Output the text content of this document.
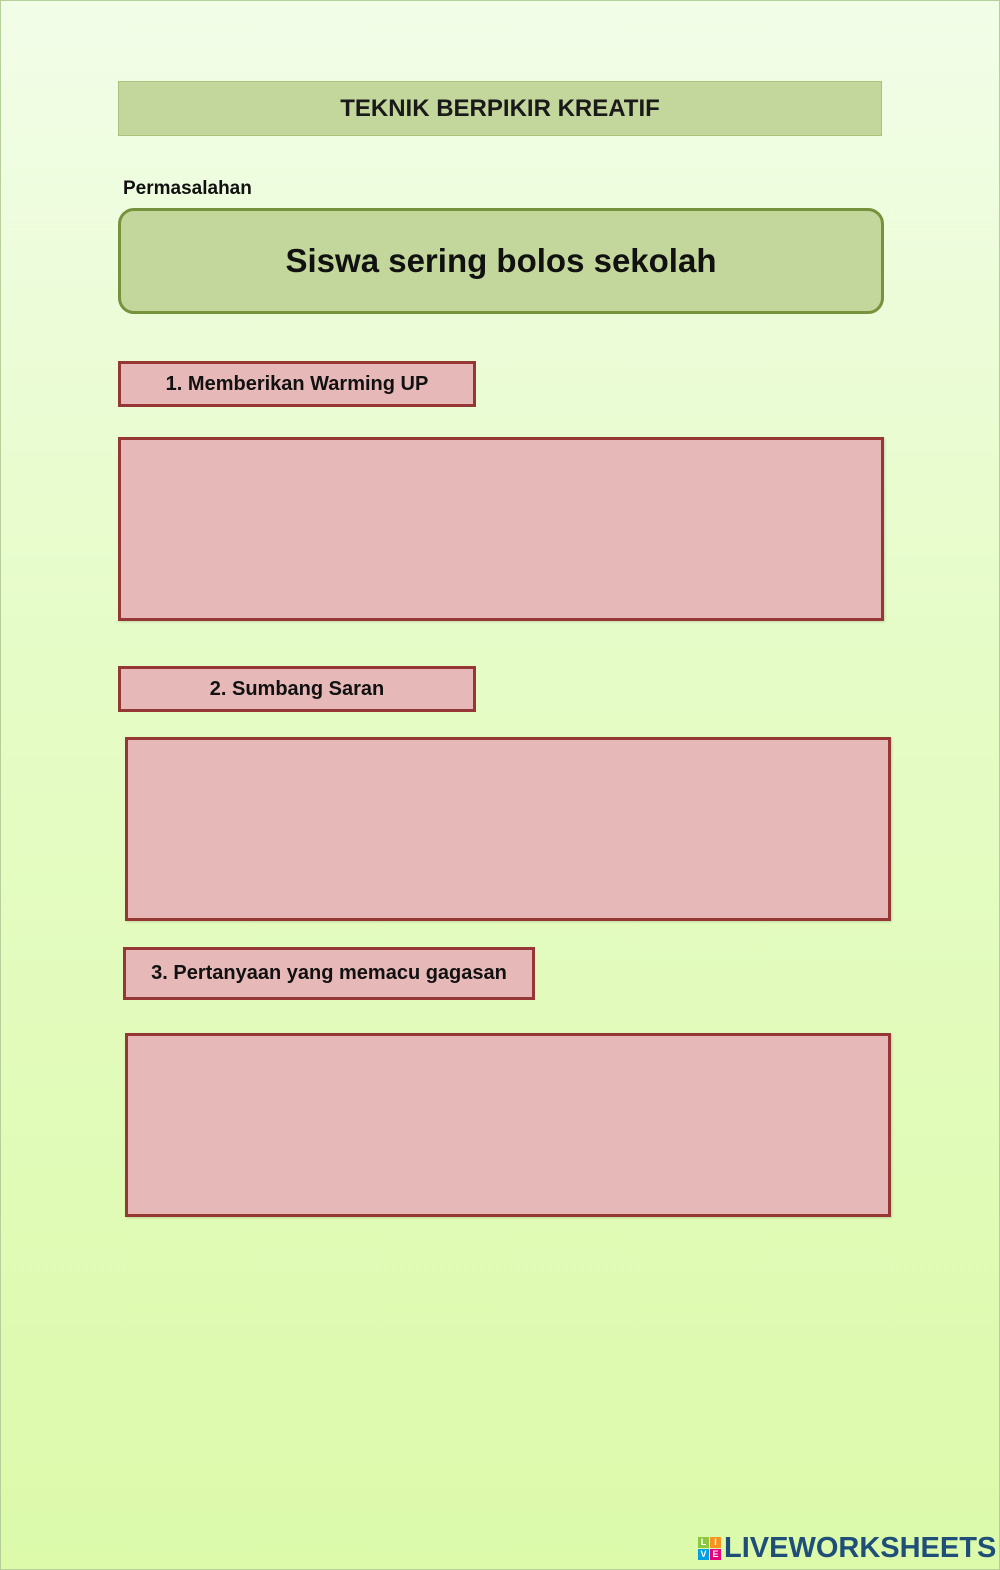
TEKNIK BERPIKIR KREATIF
Permasalahan
Siswa sering bolos sekolah
1. Memberikan Warming UP
2. Sumbang Saran
3. Pertanyaan yang memacu gagasan
L I
V E LIVEWORKSHEETS
